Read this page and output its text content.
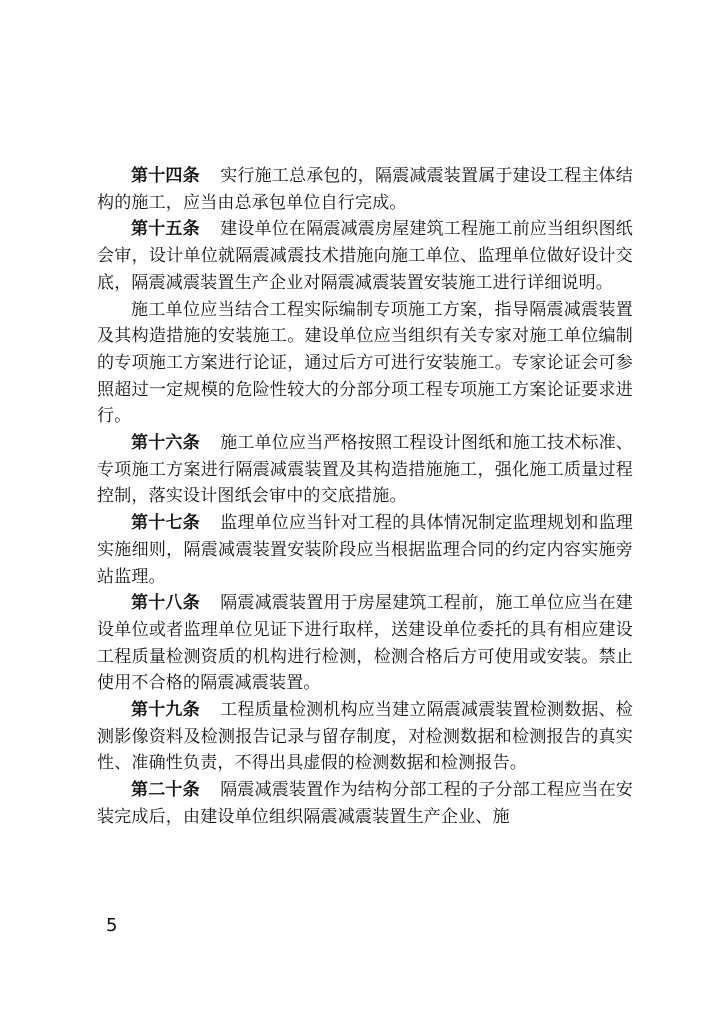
第十四条 实行施工总承包的，隔震减震装置属于建设工程主体结构的施工，应当由总承包单位自行完成。

第十五条 建设单位在隔震减震房屋建筑工程施工前应当组织图纸会审，设计单位就隔震减震技术措施向施工单位、监理单位做好设计交底，隔震减震装置生产企业对隔震减震装置安装施工进行详细说明。

施工单位应当结合工程实际编制专项施工方案，指导隔震减震装置及其构造措施的安装施工。建设单位应当组织有关专家对施工单位编制的专项施工方案进行论证，通过后方可进行安装施工。专家论证会可参照超过一定规模的危险性较大的分部分项工程专项施工方案论证要求进行。

第十六条 施工单位应当严格按照工程设计图纸和施工技术标准、专项施工方案进行隔震减震装置及其构造措施施工，强化施工质量过程控制，落实设计图纸会审中的交底措施。

第十七条 监理单位应当针对工程的具体情况制定监理规划和监理实施细则，隔震减震装置安装阶段应当根据监理合同的约定内容实施旁站监理。

第十八条 隔震减震装置用于房屋建筑工程前，施工单位应当在建设单位或者监理单位见证下进行取样，送建设单位委托的具有相应建设工程质量检测资质的机构进行检测，检测合格后方可使用或安装。禁止使用不合格的隔震减震装置。

第十九条 工程质量检测机构应当建立隔震减震装置检测数据、检测影像资料及检测报告记录与留存制度，对检测数据和检测报告的真实性、准确性负责，不得出具虚假的检测数据和检测报告。

第二十条 隔震减震装置作为结构分部工程的子分部工程应当在安装完成后，由建设单位组织隔震减震装置生产企业、施

5
